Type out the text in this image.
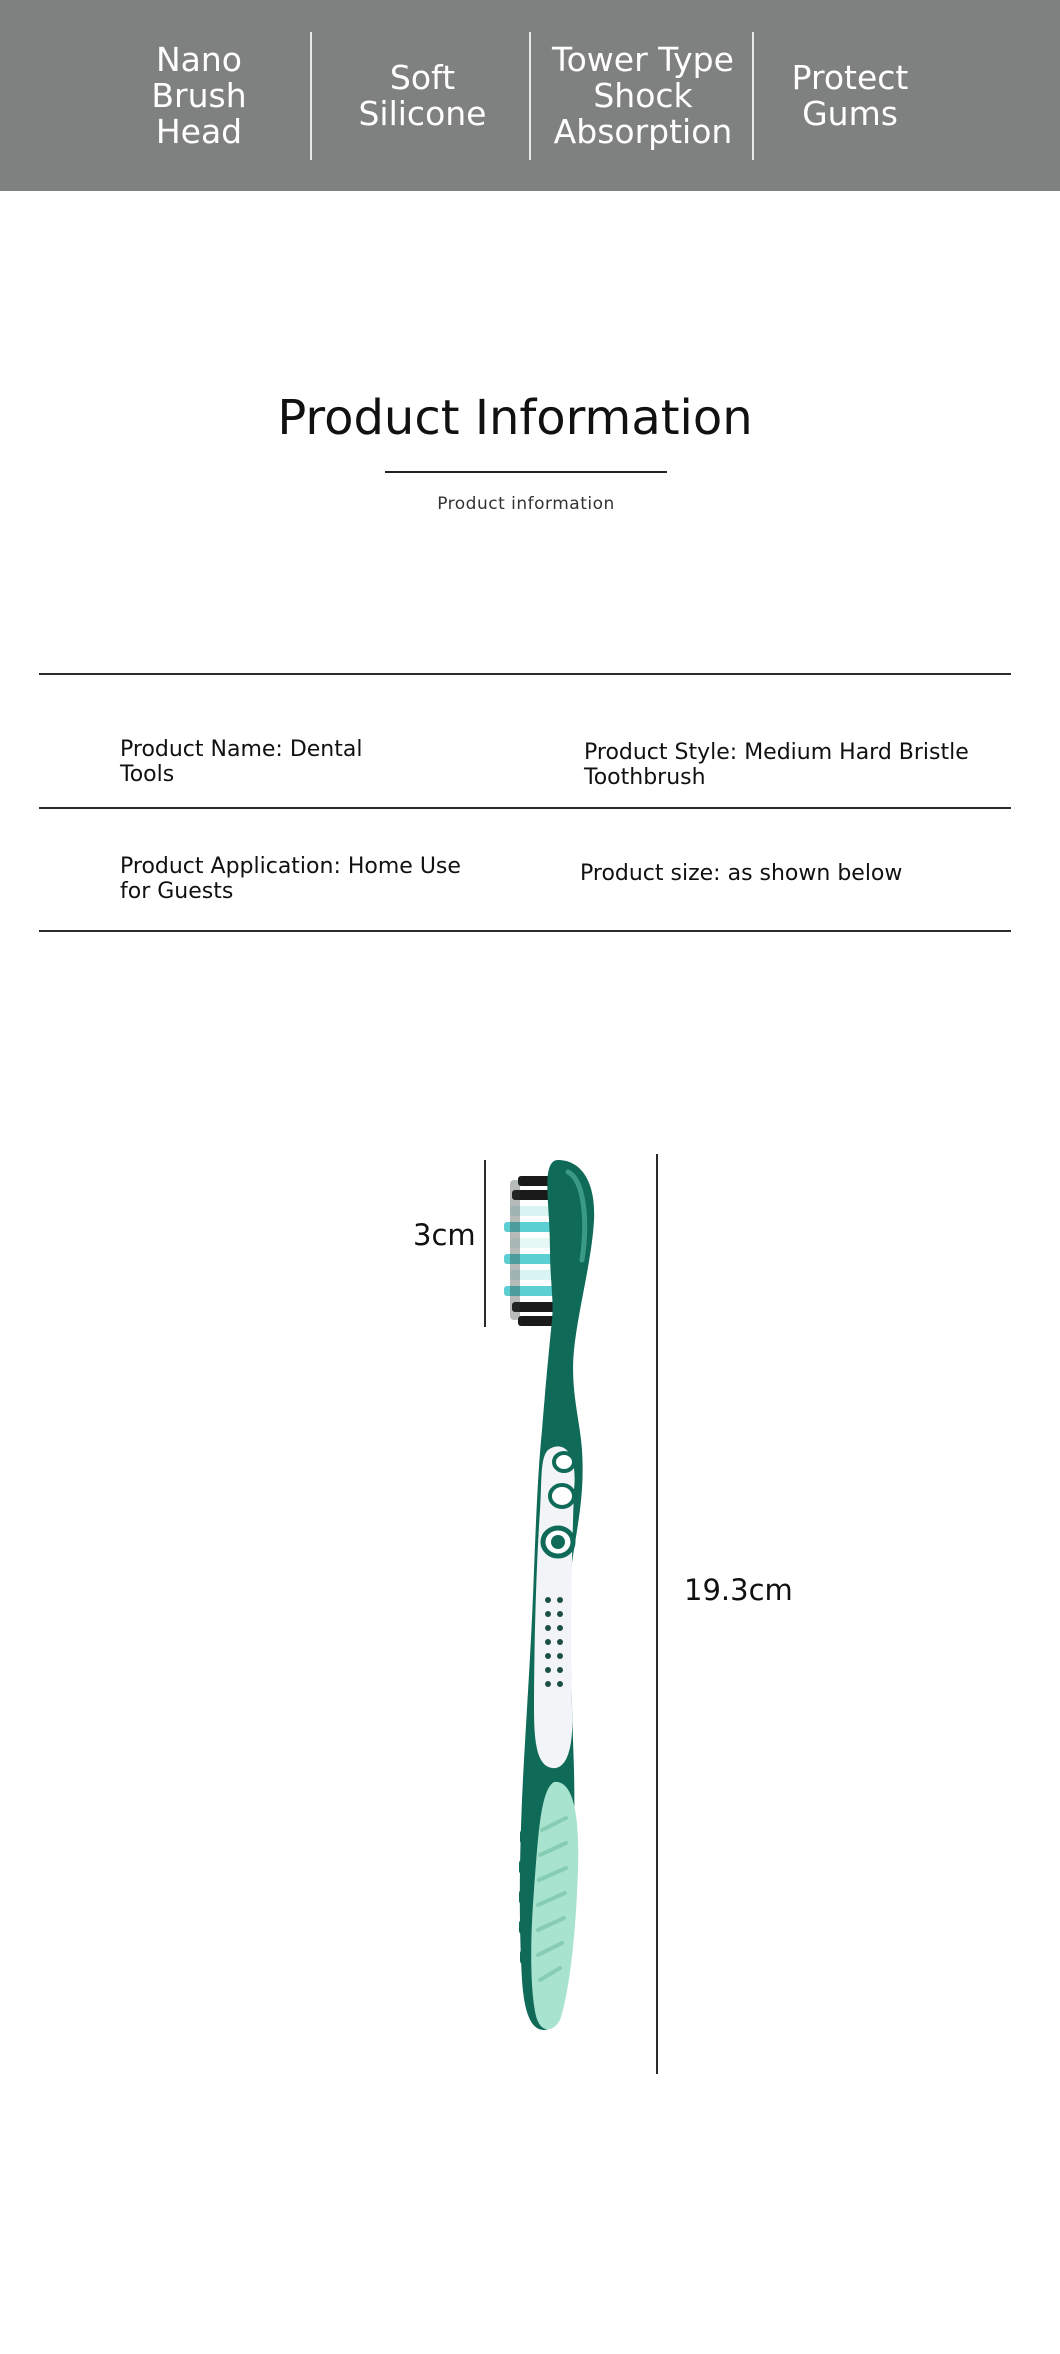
Nano
Brush
Head
Soft
Silicone
Tower Type
Shock
Absorption
Protect
Gums
Product Information
Product information
Product Name: Dental Tools
Product Style: Medium Hard Bristle Toothbrush
Product Application: Home Use for Guests
Product size: as shown below
3cm
19.3cm
